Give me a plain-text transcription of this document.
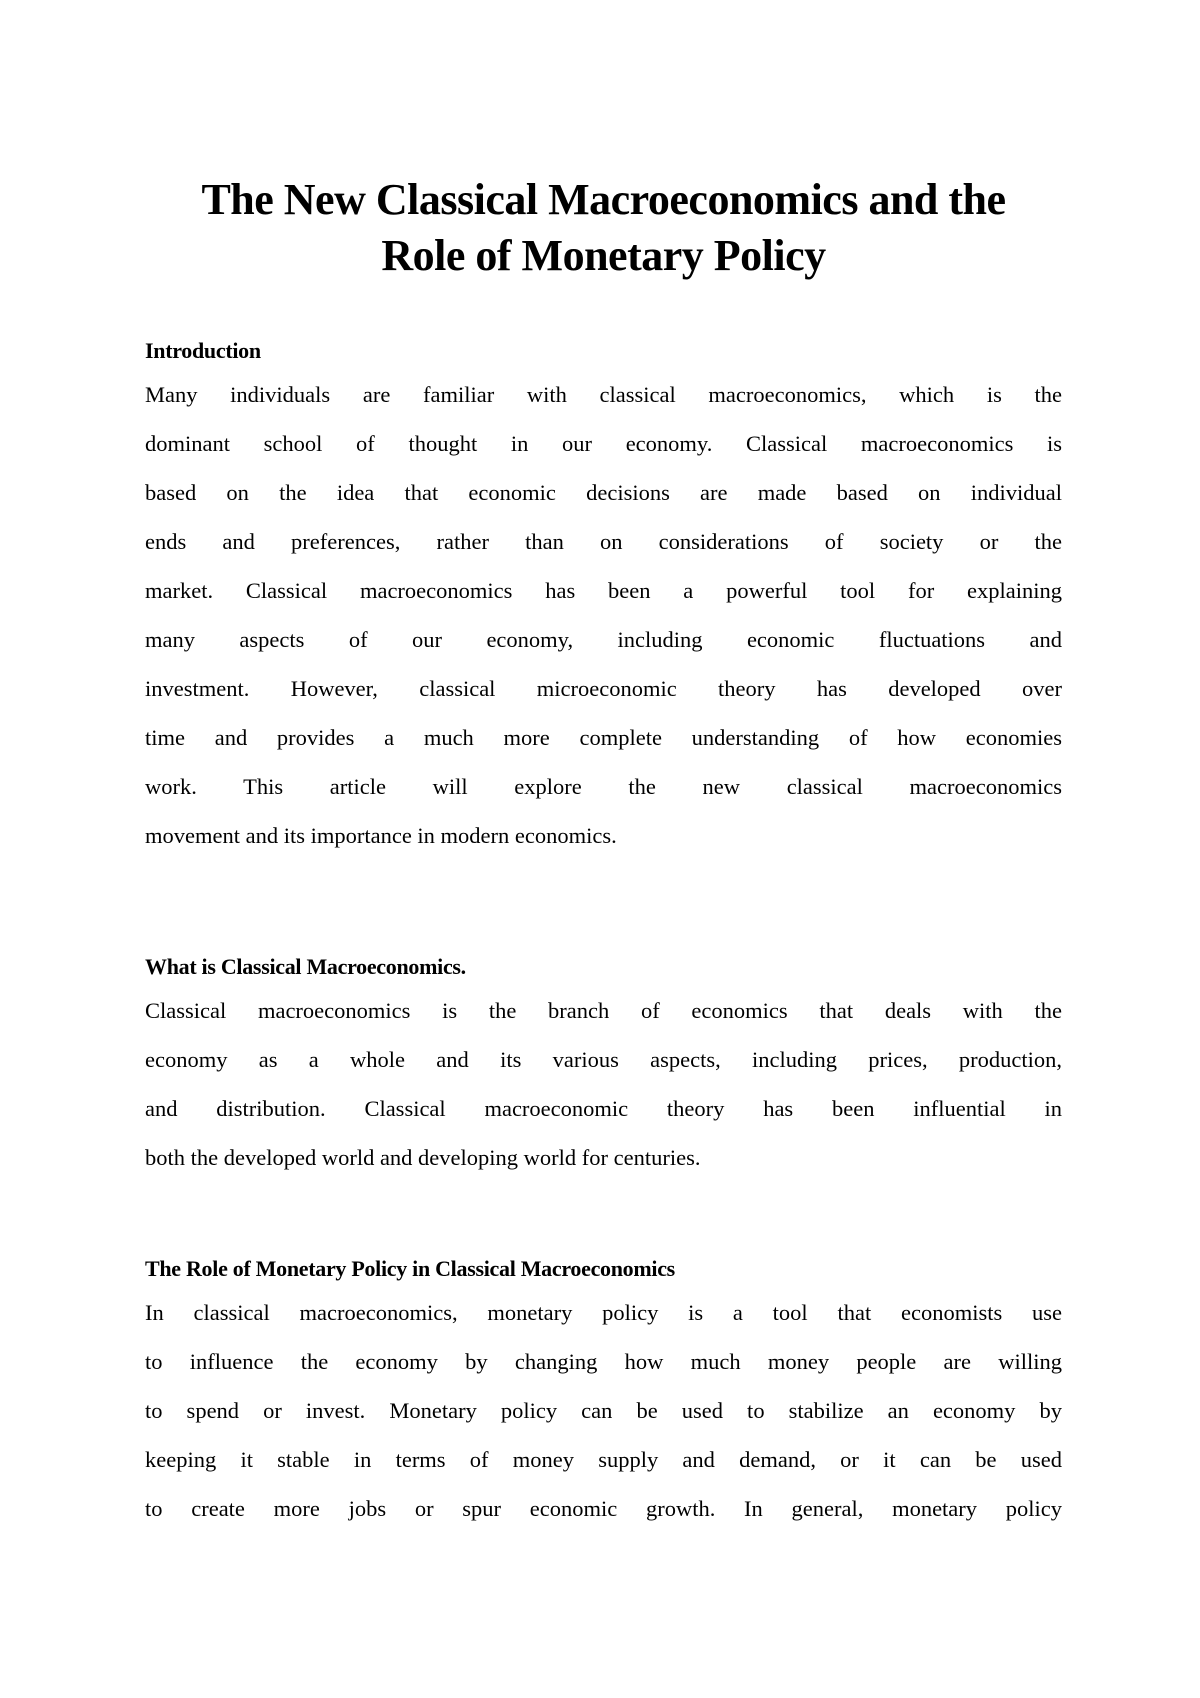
The New Classical Macroeconomics and the
Role of Monetary Policy
Introduction

Many individuals are familiar with classical macroeconomics, which is the
dominant school of thought in our economy. Classical macroeconomics is
based on the idea that economic decisions are made based on individual
ends and preferences, rather than on considerations of society or the
market. Classical macroeconomics has been a powerful tool for explaining
many aspects of our economy, including economic fluctuations and
investment. However, classical microeconomic theory has developed over
time and provides a much more complete understanding of how economies
work. This article will explore the new classical macroeconomics
movement and its importance in modern economics.

What is Classical Macroeconomics.

Classical macroeconomics is the branch of economics that deals with the
economy as a whole and its various aspects, including prices, production,
and distribution. Classical macroeconomic theory has been influential in
both the developed world and developing world for centuries.

The Role of Monetary Policy in Classical Macroeconomics

In classical macroeconomics, monetary policy is a tool that economists use
to influence the economy by changing how much money people are willing
to spend or invest. Monetary policy can be used to stabilize an economy by
keeping it stable in terms of money supply and demand, or it can be used
to create more jobs or spur economic growth. In general, monetary policy
